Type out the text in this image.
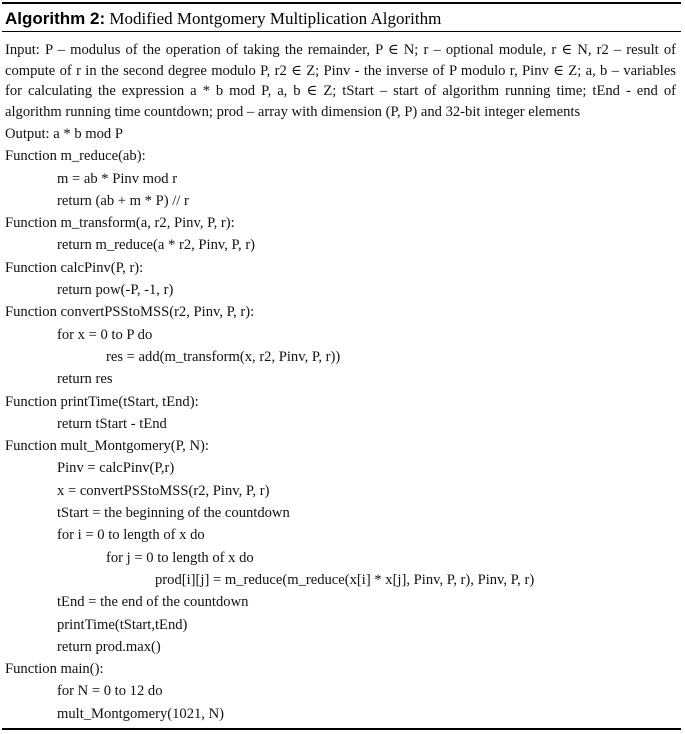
Algorithm 2: Modified Montgomery Multiplication Algorithm
Input: P – modulus of the operation of taking the remainder, P ∈ N; r – optional module, r ∈ N, r2 – result of compute of r in the second degree modulo P, r2 ∈ Z; Pinv - the inverse of P modulo r, Pinv ∈ Z; a, b – variables for calculating the expression a * b mod P, a, b ∈ Z; tStart – start of algorithm running time; tEnd - end of algorithm running time countdown; prod – array with dimension (P, P) and 32-bit integer elements
Output: a * b mod P
Function m_reduce(ab):
m = ab * Pinv mod r
return (ab + m * P) // r
Function m_transform(a, r2, Pinv, P, r):
return m_reduce(a * r2, Pinv, P, r)
Function calcPinv(P, r):
return pow(-P, -1, r)
Function convertPSStoMSS(r2, Pinv, P, r):
for x = 0 to P do
res = add(m_transform(x, r2, Pinv, P, r))
return res
Function printTime(tStart, tEnd):
return tStart - tEnd
Function mult_Montgomery(P, N):
Pinv = calcPinv(P,r)
x = convertPSStoMSS(r2, Pinv, P, r)
tStart = the beginning of the countdown
for i = 0 to length of x do
for j = 0 to length of x do
prod[i][j] = m_reduce(m_reduce(x[i] * x[j], Pinv, P, r), Pinv, P, r)
tEnd = the end of the countdown
printTime(tStart,tEnd)
return prod.max()
Function main():
for N = 0 to 12 do
mult_Montgomery(1021, N)
